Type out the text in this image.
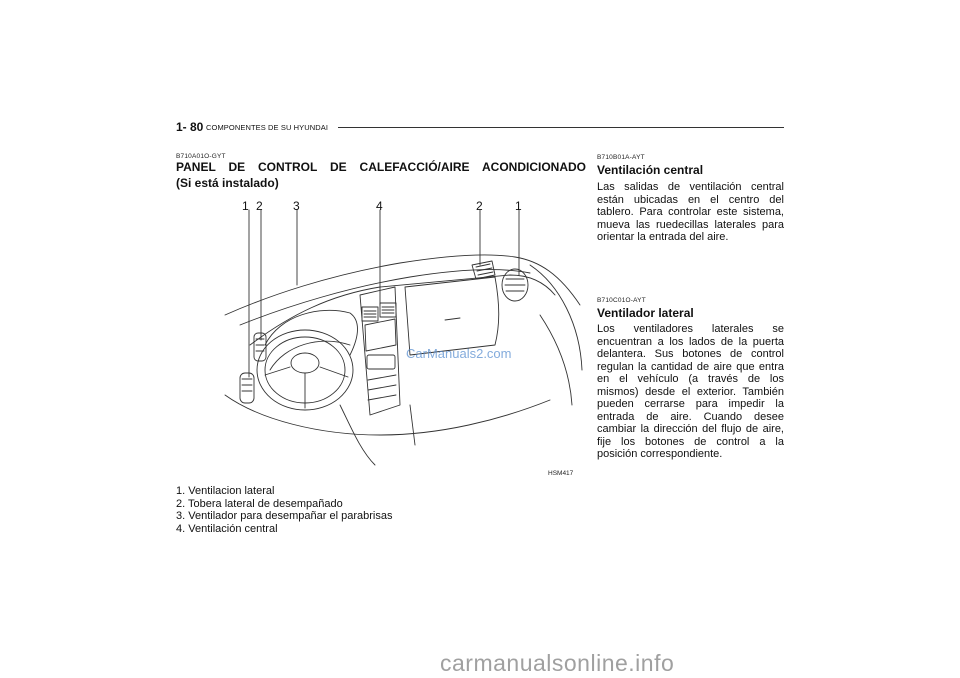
1- 80 COMPONENTES DE SU HYUNDAI
B710A01O-GYT
PANEL DE CONTROL DE CALEFACCIÓ/AIRE ACONDICIONADO
(Si está instalado)
1 2	3	4	2	1
CarManuals2.com
HSM417
1. Ventilacion lateral
2. Tobera lateral de desempañado
3. Ventilador para desempañar el parabrisas
4. Ventilación central
B710B01A-AYT
Ventilación central
Las salidas de ventilación central están ubicadas en el centro del tablero. Para controlar este sistema, mueva las ruedecillas laterales para orientar la entrada del aire.
B710C01O-AYT
Ventilador lateral
Los ventiladores laterales se encuentran a los lados de la puerta delantera. Sus botones de control regulan la cantidad de aire que entra en el vehículo (a través de los mismos) desde el exterior. También pueden cerrarse para impedir la entrada de aire. Cuando desee cambiar la dirección del flujo de aire, fije los botones de control a la posición correspondiente.
carmanualsonline.info
